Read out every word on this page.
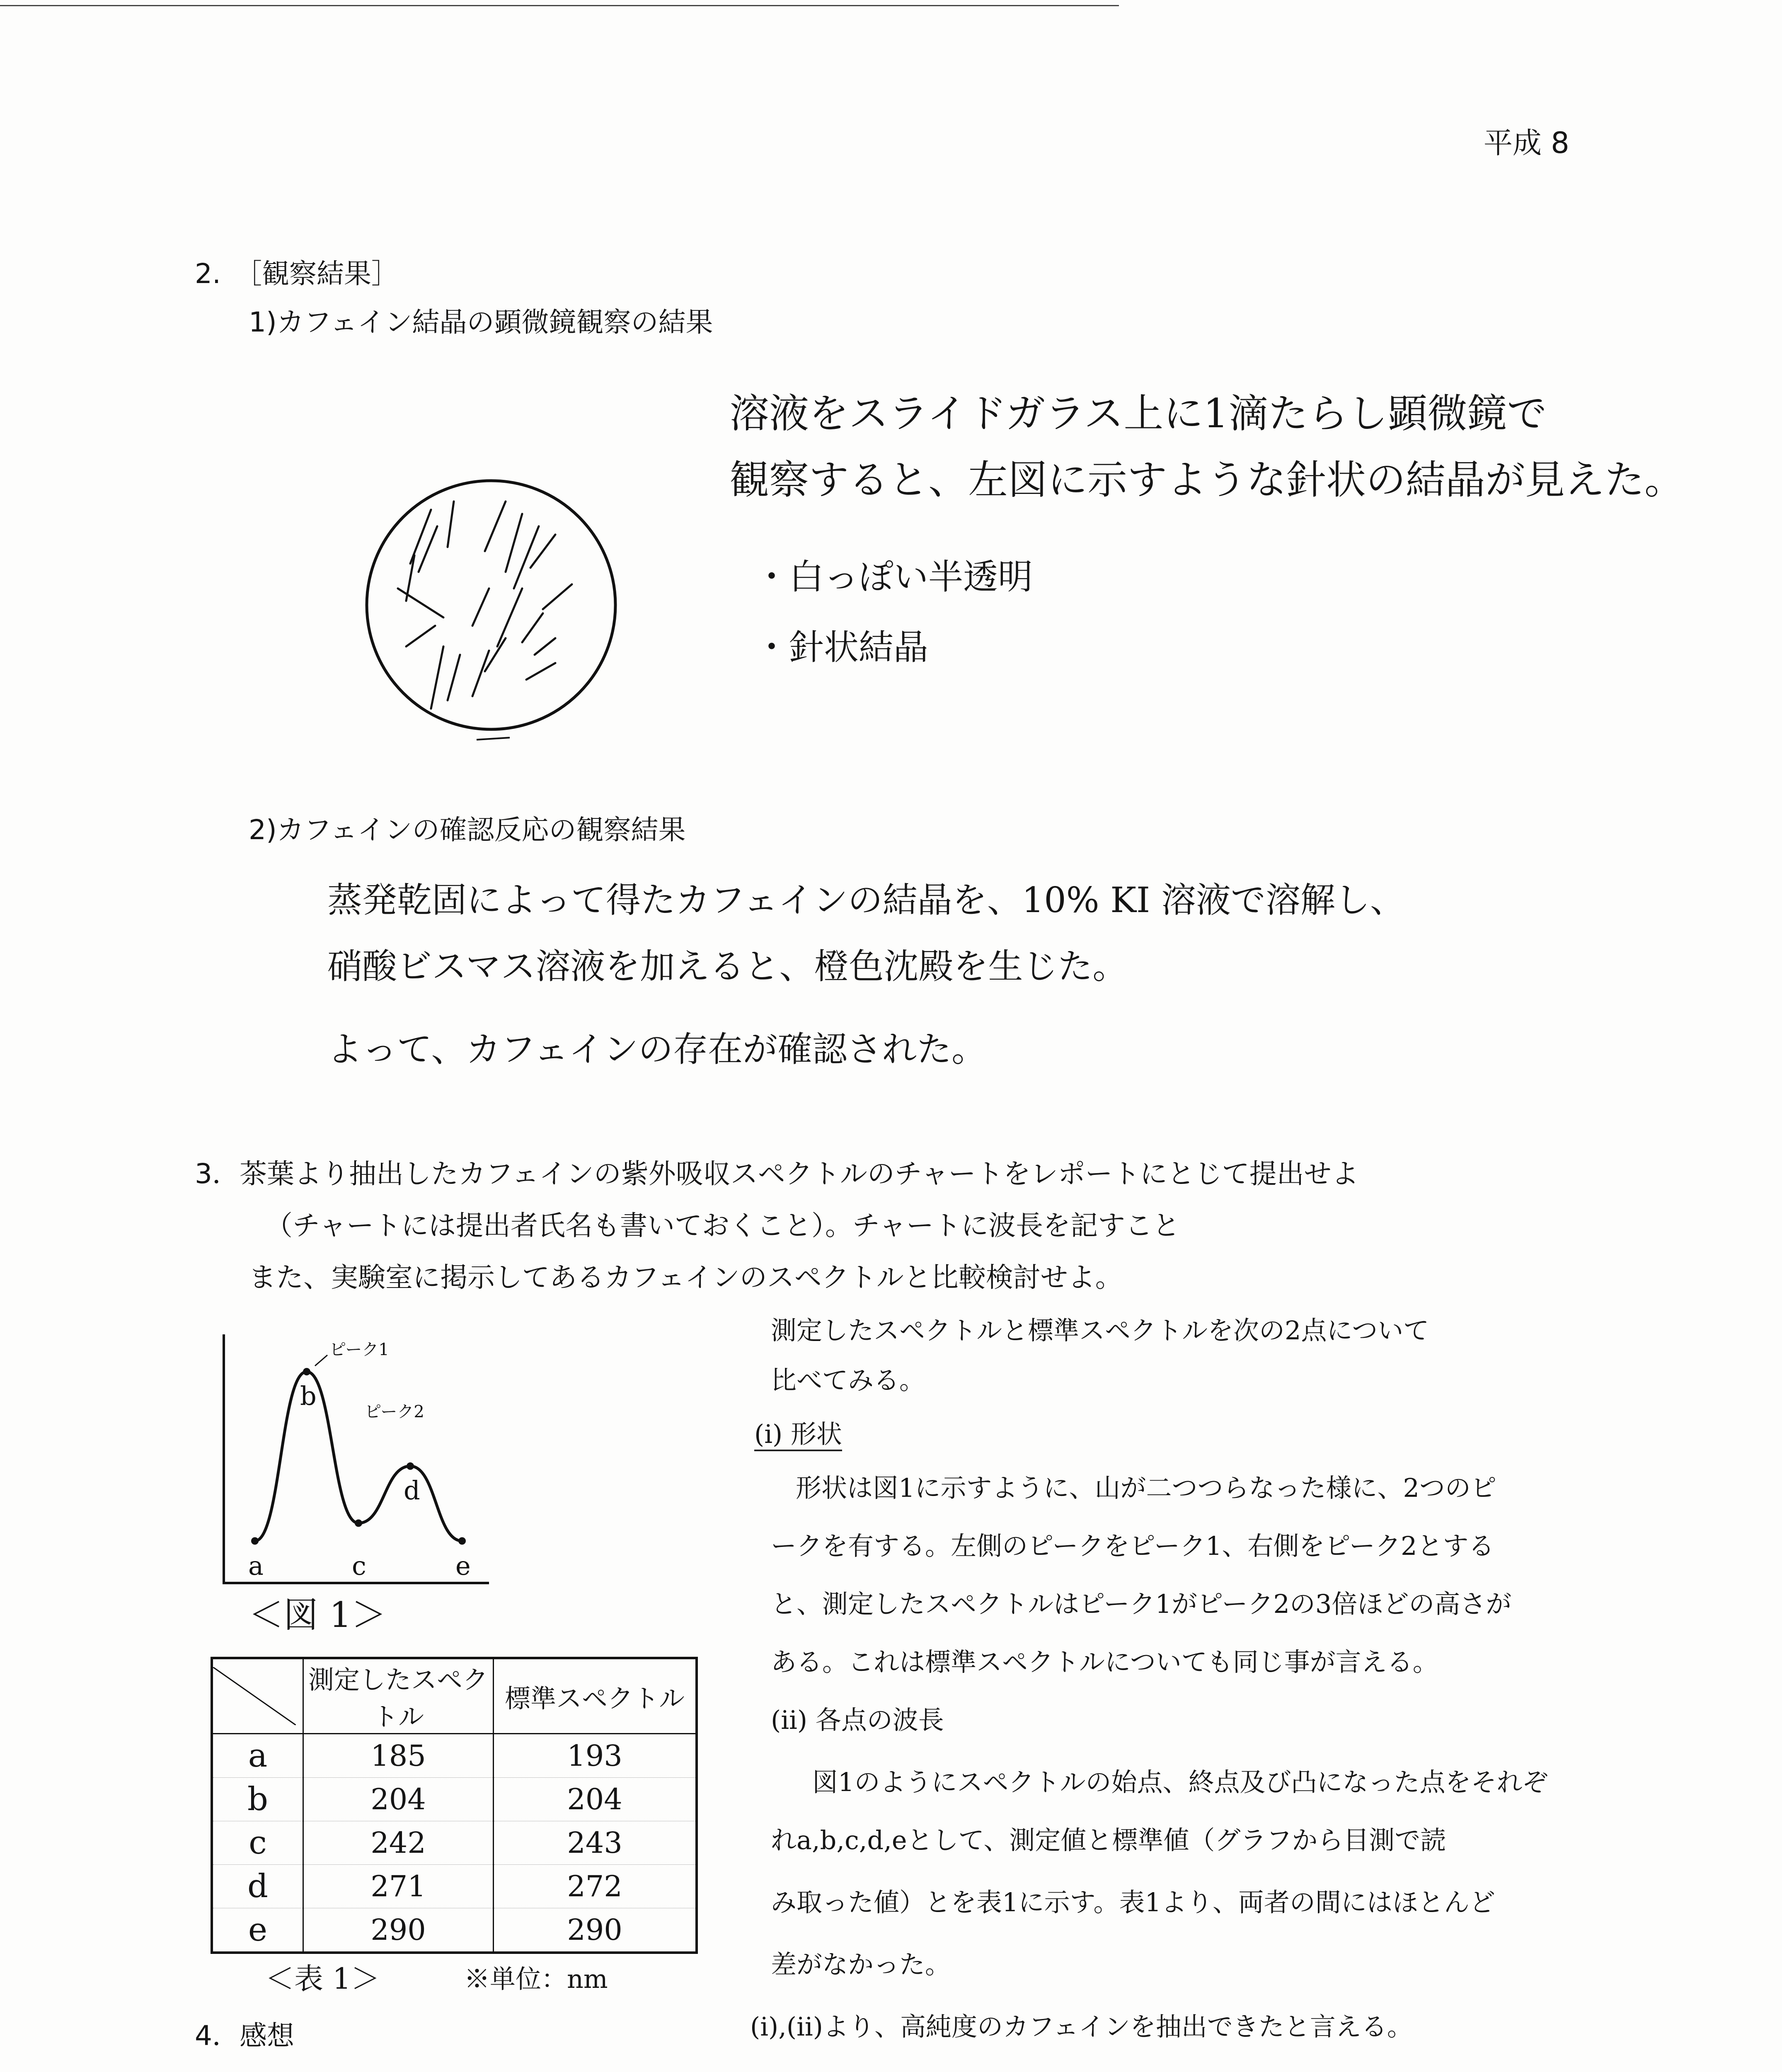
平成 8
2.　［観察結果］
1)カフェイン結晶の顕微鏡観察の結果
溶液をスライドガラス上に1滴たらし顕微鏡で
観察すると、左図に示すような針状の結晶が見えた。
・白っぽい半透明
・針状結晶
2)カフェインの確認反応の観察結果
蒸発乾固によって得たカフェインの結晶を、10% KI 溶液で溶解し、
硝酸ビスマス溶液を加えると、橙色沈殿を生じた。
よって、カフェインの存在が確認された。
3．茶葉より抽出したカフェインの紫外吸収スペクトルのチャートをレポートにとじて提出せよ
（チャートには提出者氏名も書いておくこと）。チャートに波長を記すこと
また、実験室に掲示してあるカフェインのスペクトルと比較検討せよ。
a
b
c
d
e
ピーク1
ピーク2
＜図 1＞
	測定したスペクトル	標準スペクトル
a	185	193
b	204	204
c	242	243
d	271	272
e	290	290
＜表 1＞	※単位：nm
測定したスペクトルと標準スペクトルを次の2点について
比べてみる。
(i) 形状
形状は図1に示すように、山が二つつらなった様に、2つのピ
ークを有する。左側のピークをピーク1、右側をピーク2とする
と、測定したスペクトルはピーク1がピーク2の3倍ほどの高さが
ある。これは標準スペクトルについても同じ事が言える。
(ii) 各点の波長
図1のようにスペクトルの始点、終点及び凸になった点をそれぞ
れa,b,c,d,eとして、測定値と標準値（グラフから目測で読
み取った値）とを表1に示す。表1より、両者の間にはほとんど
差がなかった。
(i),(ii)より、高純度のカフェインを抽出できたと言える。
4．感想
